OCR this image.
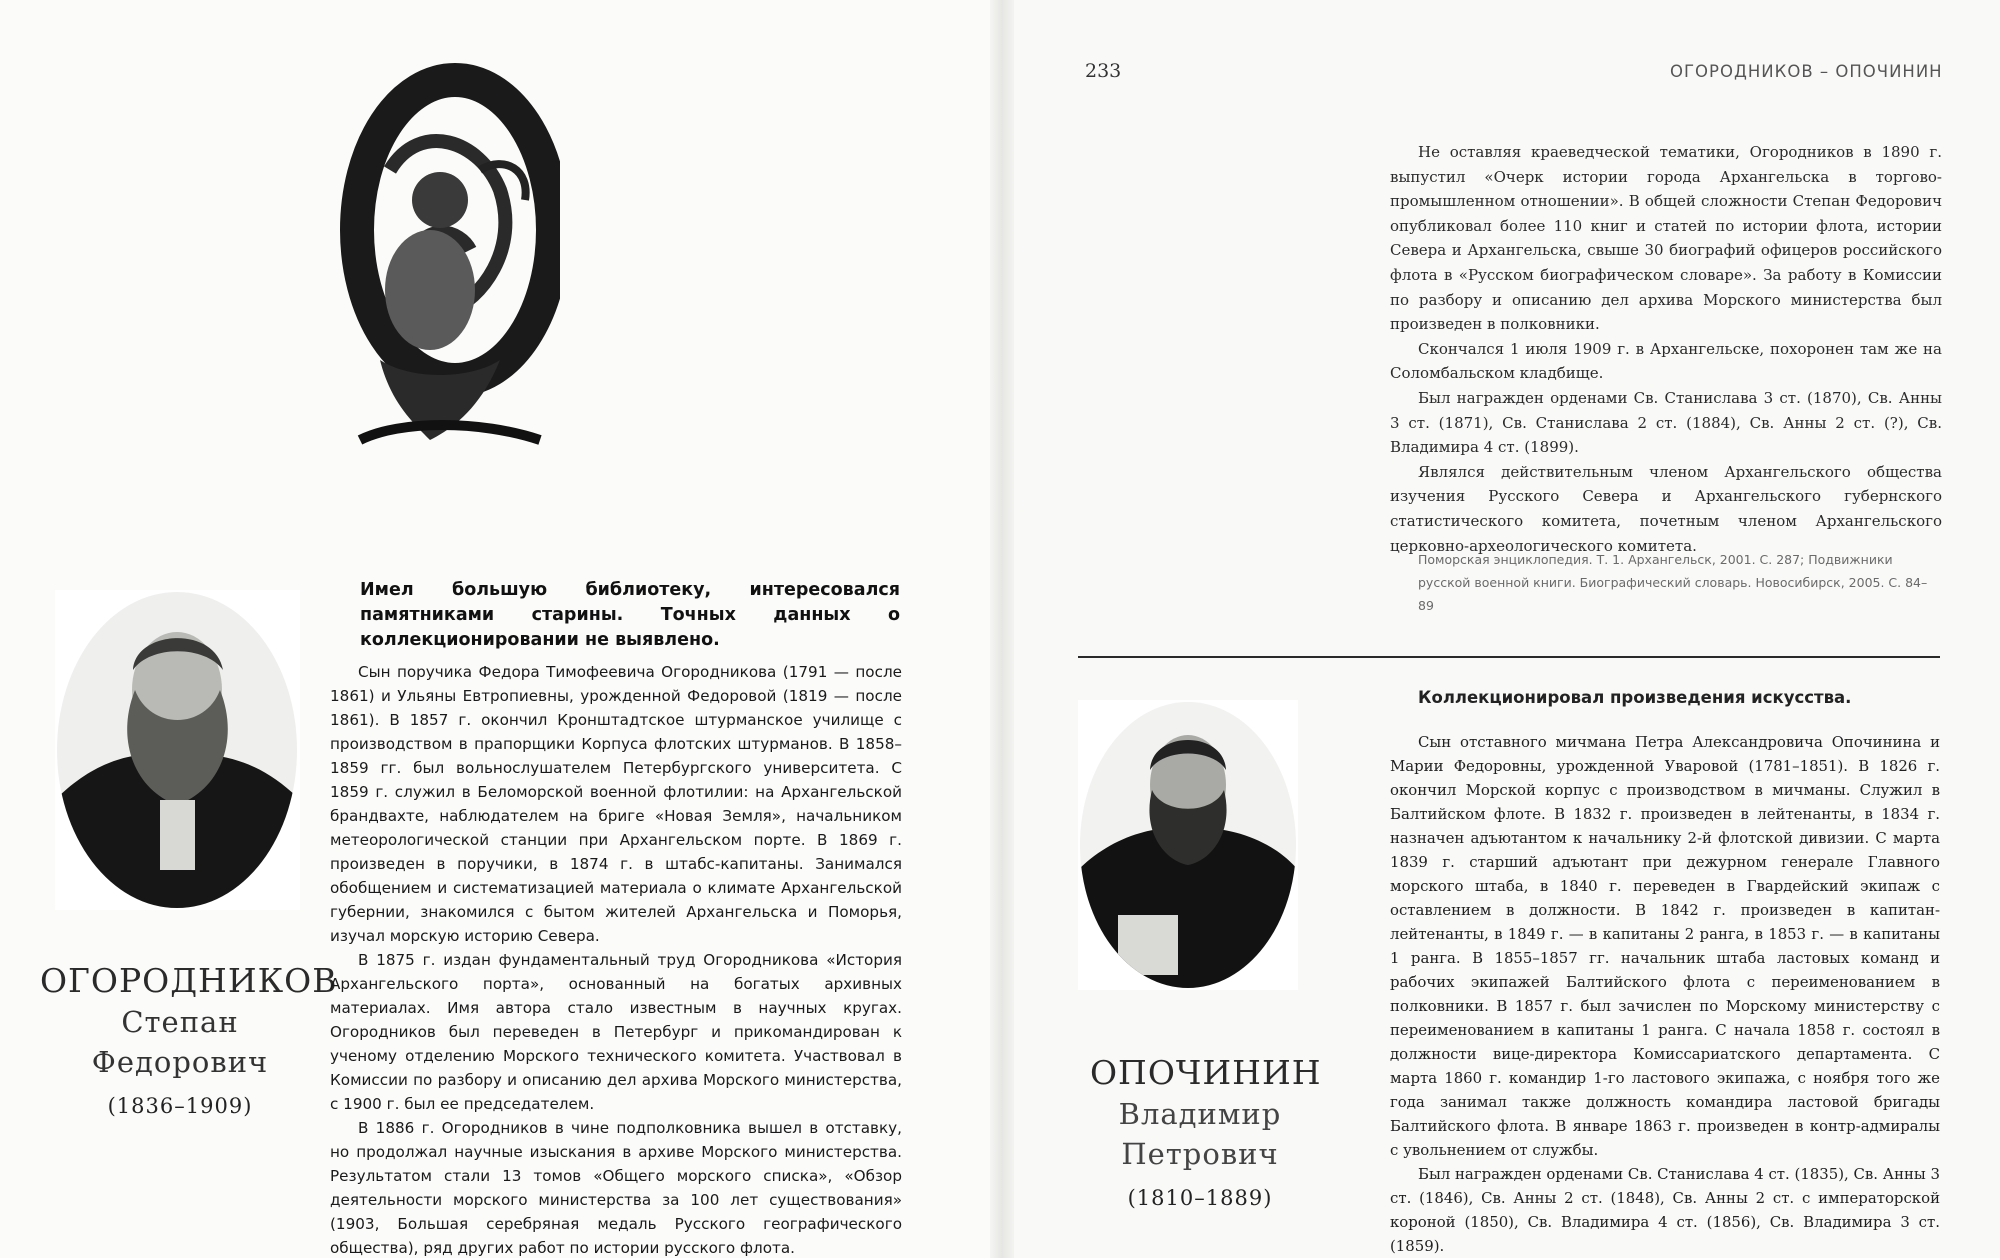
ОГОРОДНИКОВ
Степан
Федорович
(1836–1909)
Имел большую библиотеку, интересовался памятниками старины. Точных данных о коллекционировании не выявлено.

Сын поручика Федора Тимофеевича Огородникова (1791 — после 1861) и Ульяны Евтропиевны, урожденной Федоровой (1819 — после 1861). В 1857 г. окончил Кронштадтское штурманское училище с производством в прапорщики Корпуса флотских штурманов. В 1858–1859 гг. был вольнослушателем Петербургского университета. С 1859 г. служил в Беломорской военной флотилии: на Архангельской брандвахте, наблюдателем на бриге «Новая Земля», начальником метеорологической станции при Архангельском порте. В 1869 г. произведен в поручики, в 1874 г. в штабс-капитаны. Занимался обобщением и систематизацией материала о климате Архангельской губернии, знакомился с бытом жителей Архангельска и Поморья, изучал морскую историю Севера.

В 1875 г. издан фундаментальный труд Огородникова «История Архангельского порта», основанный на богатых архивных материалах. Имя автора стало известным в научных кругах. Огородников был переведен в Петербург и прикомандирован к ученому отделению Морского технического комитета. Участвовал в Комиссии по разбору и описанию дел архива Морского министерства, с 1900 г. был ее председателем.

В 1886 г. Огородников в чине подполковника вышел в отставку, но продолжал научные изыскания в архиве Морского министерства. Результатом стали 13 томов «Общего морского списка», «Обзор деятельности морского министерства за 100 лет существования» (1903, Большая серебряная медаль Русского географического общества), ряд других работ по истории русского флота.

233	ОГОРОДНИКОВ – ОПОЧИНИН

Не оставляя краеведческой тематики, Огородников в 1890 г. выпустил «Очерк истории города Архангельска в торгово-промышленном отношении». В общей сложности Степан Федорович опубликовал более 110 книг и статей по истории флота, истории Севера и Архангельска, свыше 30 биографий офицеров российского флота в «Русском биографическом словаре». За работу в Комиссии по разбору и описанию дел архива Морского министерства был произведен в полковники.

Скончался 1 июля 1909 г. в Архангельске, похоронен там же на Соломбальском кладбище.

Был награжден орденами Св. Станислава 3 ст. (1870), Св. Анны 3 ст. (1871), Св. Станислава 2 ст. (1884), Св. Анны 2 ст. (?), Св. Владимира 4 ст. (1899).

Являлся действительным членом Архангельского общества изучения Русского Севера и Архангельского губернского статистического комитета, почетным членом Архангельского церковно-археологического комитета.

Поморская энциклопедия. Т. 1. Архангельск, 2001. С. 287; Подвижники русской военной книги. Биографический словарь. Новосибирск, 2005. С. 84–89
ОПОЧИНИН
Владимир
Петрович
(1810–1889)
Коллекционировал произведения искусства.

Сын отставного мичмана Петра Александровича Опочинина и Марии Федоровны, урожденной Уваровой (1781–1851). В 1826 г. окончил Морской корпус с производством в мичманы. Служил в Балтийском флоте. В 1832 г. произведен в лейтенанты, в 1834 г. назначен адъютантом к начальнику 2-й флотской дивизии. С марта 1839 г. старший адъютант при дежурном генерале Главного морского штаба, в 1840 г. переведен в Гвардейский экипаж с оставлением в должности. В 1842 г. произведен в капитан-лейтенанты, в 1849 г. — в капитаны 2 ранга, в 1853 г. — в капитаны 1 ранга. В 1855–1857 гг. начальник штаба ластовых команд и рабочих экипажей Балтийского флота с переименованием в полковники. В 1857 г. был зачислен по Морскому министерству с переименованием в капитаны 1 ранга. С начала 1858 г. состоял в должности вице-директора Комиссариатского департамента. С марта 1860 г. командир 1-го ластового экипажа, с ноября того же года занимал также должность командира ластовой бригады Балтийского флота. В январе 1863 г. произведен в контр-адмиралы с увольнением от службы.

Был награжден орденами Св. Станислава 4 ст. (1835), Св. Анны 3 ст. (1846), Св. Анны 2 ст. (1848), Св. Анны 2 ст. с императорской короной (1850), Св. Владимира 4 ст. (1856), Св. Владимира 3 ст. (1859).
